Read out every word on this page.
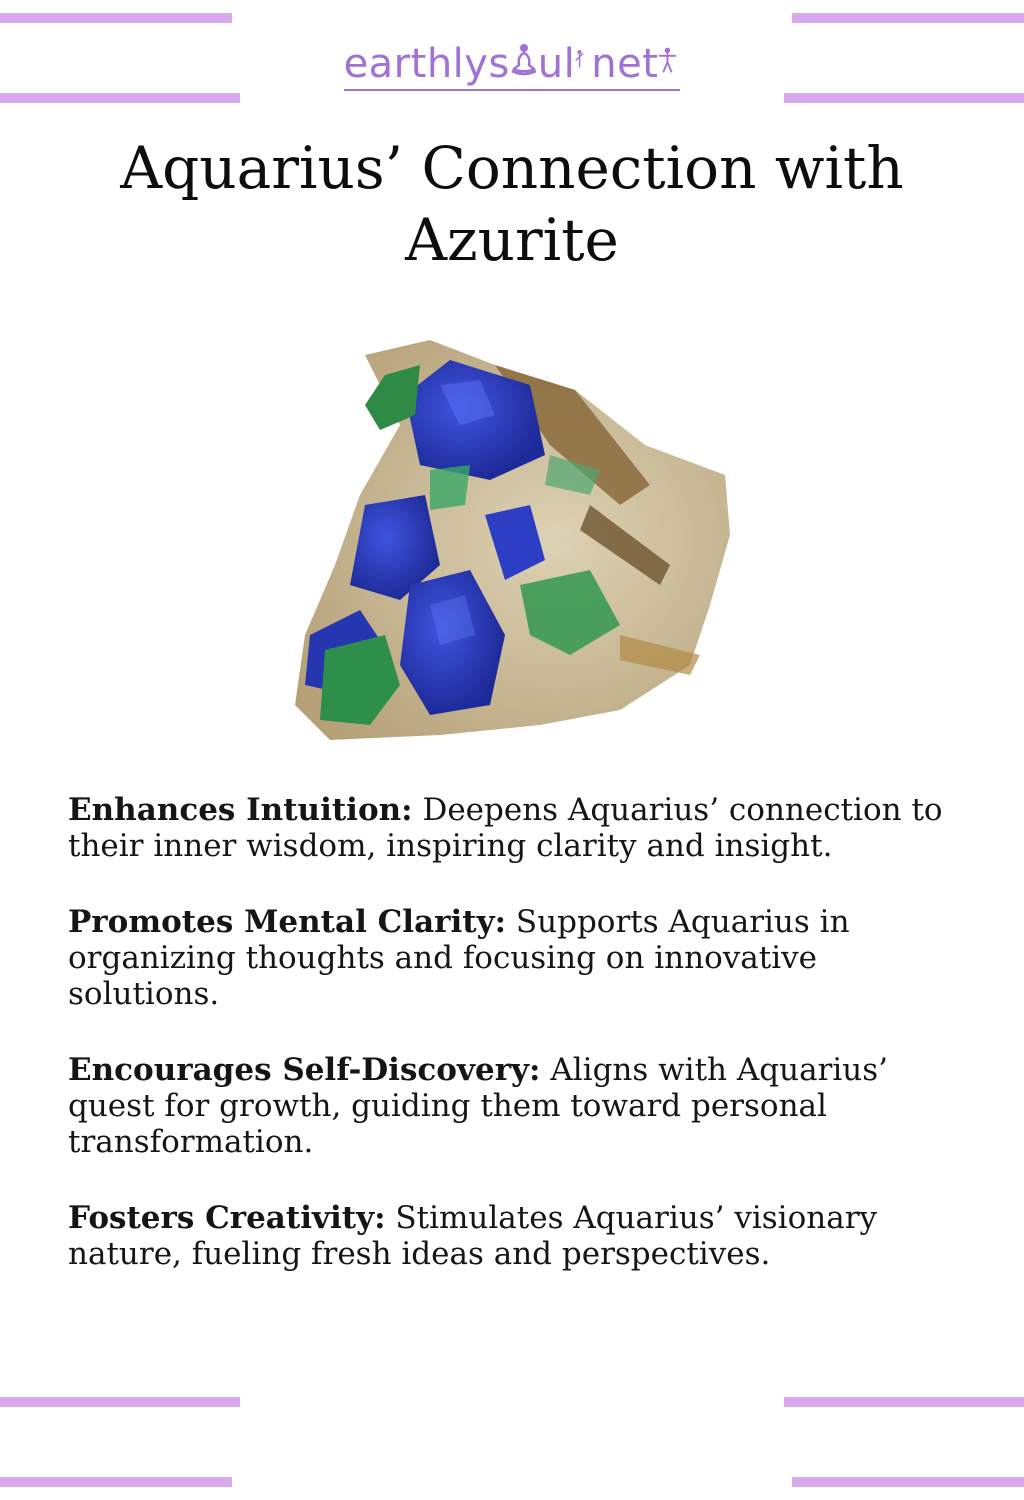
earthlys ul net
Aquarius’ Connection with Azurite
Enhances Intuition: Deepens Aquarius’ connection to their inner wisdom, inspiring clarity and insight.
Promotes Mental Clarity: Supports Aquarius in organizing thoughts and focusing on innovative solutions.
Encourages Self-Discovery: Aligns with Aquarius’ quest for growth, guiding them toward personal transformation.
Fosters Creativity: Stimulates Aquarius’ visionary nature, fueling fresh ideas and perspectives.
